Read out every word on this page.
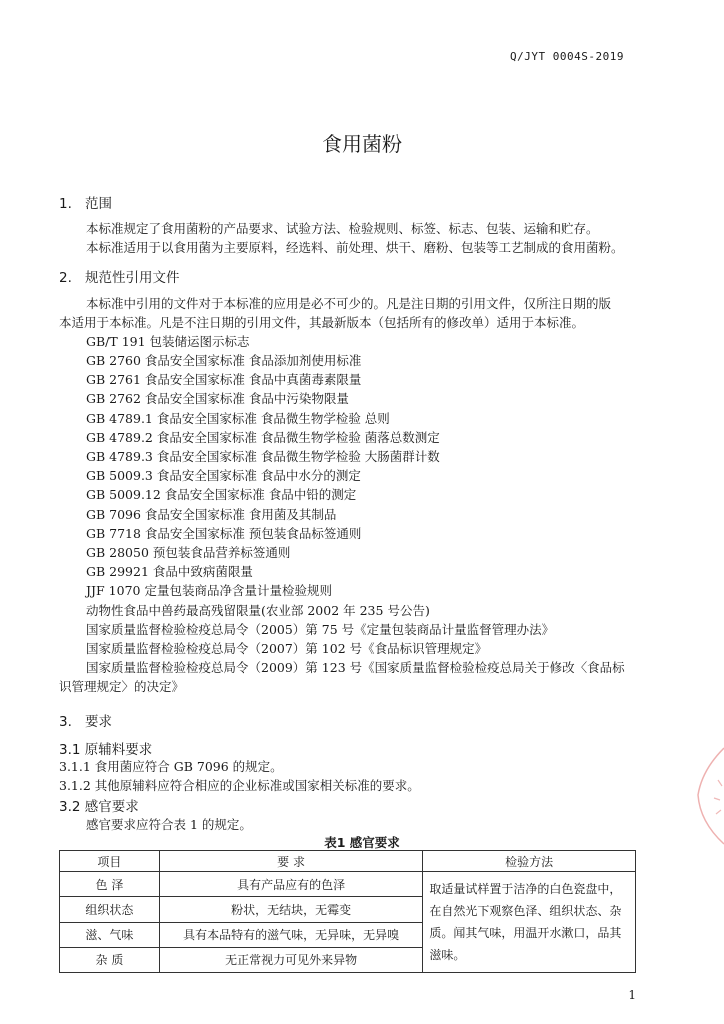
Q/JYT 0004S-2019
食用菌粉
1. 范围
本标准规定了食用菌粉的产品要求、试验方法、检验规则、标签、标志、包装、运输和贮存。
本标准适用于以食用菌为主要原料，经选料、前处理、烘干、磨粉、包装等工艺制成的食用菌粉。
2. 规范性引用文件
本标准中引用的文件对于本标准的应用是必不可少的。凡是注日期的引用文件，仅所注日期的版
本适用于本标准。凡是不注日期的引用文件，其最新版本（包括所有的修改单）适用于本标准。
GB/T 191 包装储运图示标志
GB 2760 食品安全国家标准 食品添加剂使用标准
GB 2761 食品安全国家标准 食品中真菌毒素限量
GB 2762 食品安全国家标准 食品中污染物限量
GB 4789.1 食品安全国家标准 食品微生物学检验 总则
GB 4789.2 食品安全国家标准 食品微生物学检验 菌落总数测定
GB 4789.3 食品安全国家标准 食品微生物学检验 大肠菌群计数
GB 5009.3 食品安全国家标准 食品中水分的测定
GB 5009.12 食品安全国家标准 食品中铅的测定
GB 7096 食品安全国家标准 食用菌及其制品
GB 7718 食品安全国家标准 预包装食品标签通则
GB 28050 预包装食品营养标签通则
GB 29921 食品中致病菌限量
JJF 1070 定量包装商品净含量计量检验规则
动物性食品中兽药最高残留限量(农业部 2002 年 235 号公告)
国家质量监督检验检疫总局令（2005）第 75 号《定量包装商品计量监督管理办法》
国家质量监督检验检疫总局令（2007）第 102 号《食品标识管理规定》
国家质量监督检验检疫总局令（2009）第 123 号《国家质量监督检验检疫总局关于修改〈食品标
识管理规定〉的决定》
3. 要求
3.1 原辅料要求
3.1.1 食用菌应符合 GB 7096 的规定。
3.1.2 其他原辅料应符合相应的企业标准或国家相关标准的要求。
3.2 感官要求
感官要求应符合表 1 的规定。
表1 感官要求
项目	要 求	检验方法
色 泽	具有产品应有的色泽	取适量试样置于洁净的白色瓷盘中，在自然光下观察色泽、组织状态、杂质。闻其气味，用温开水漱口，品其滋味。
组织状态	粉状，无结块，无霉变	
滋、气味	具有本品特有的滋气味，无异味，无异嗅	
杂 质	无正常视力可见外来异物	
1
